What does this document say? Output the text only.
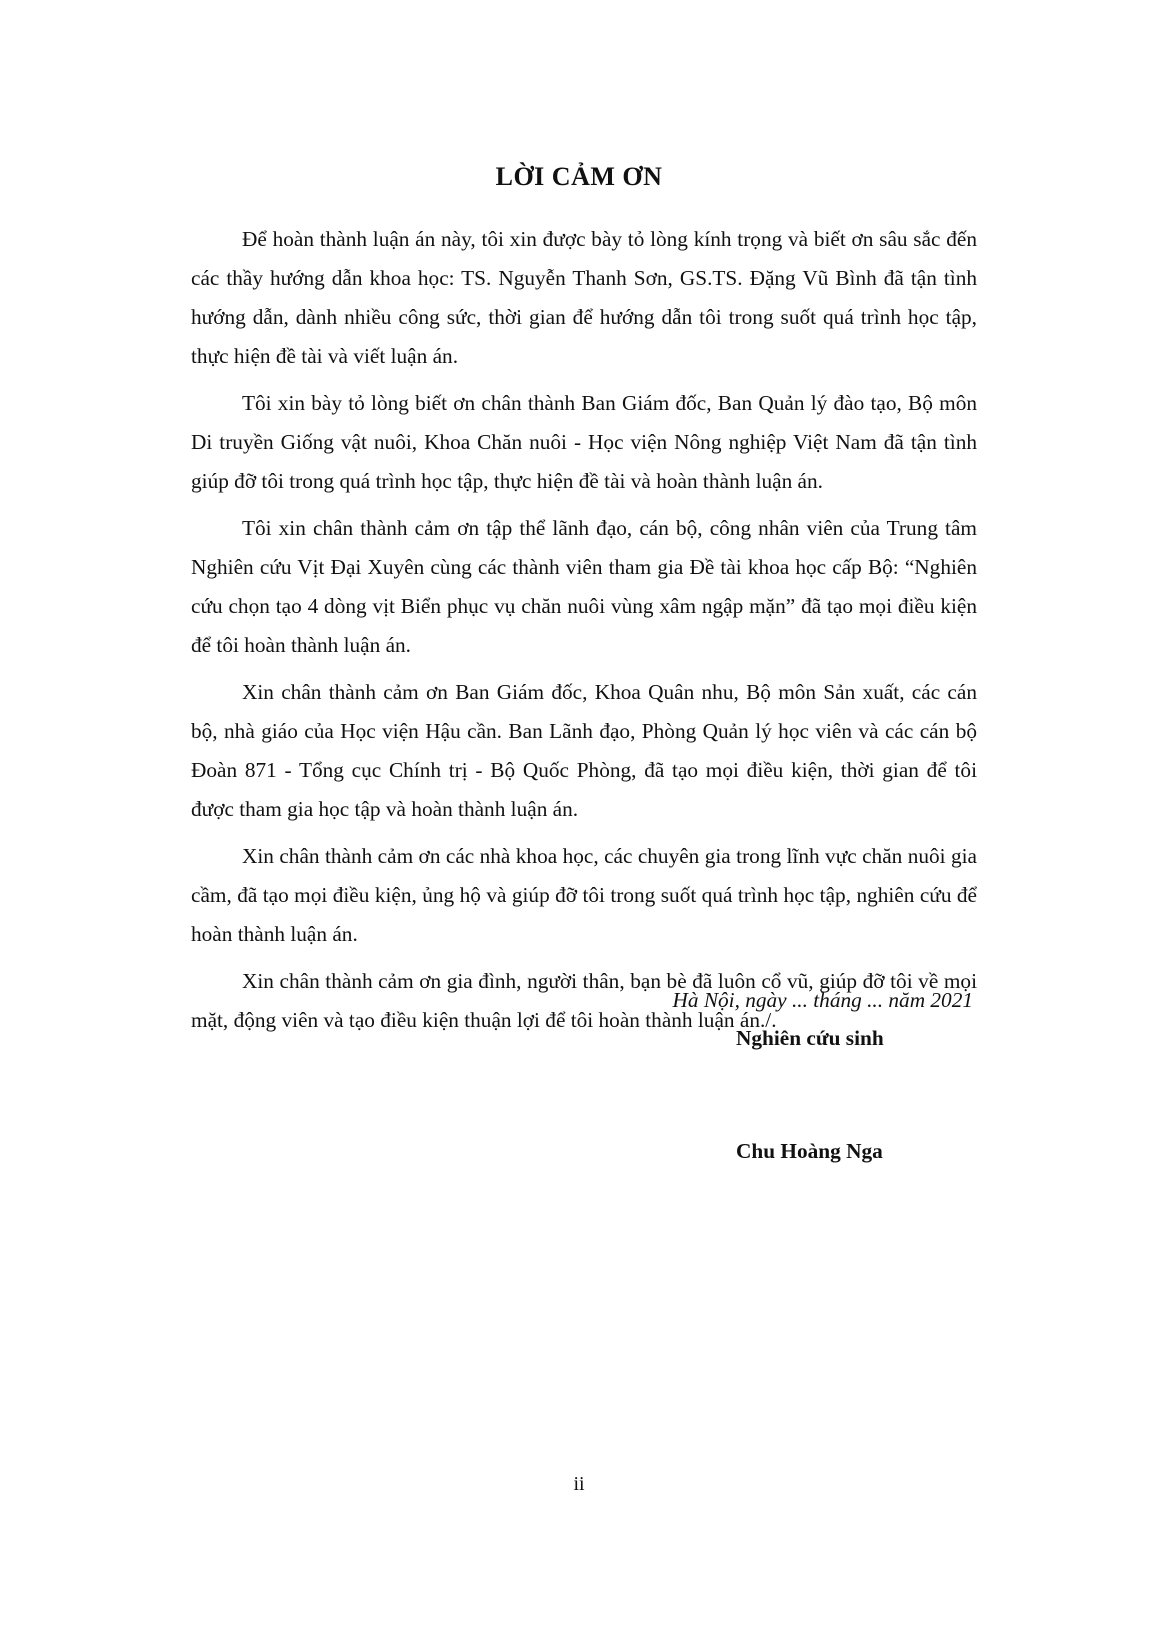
LỜI CẢM ƠN

Để hoàn thành luận án này, tôi xin được bày tỏ lòng kính trọng và biết ơn sâu sắc đến các thầy hướng dẫn khoa học: TS. Nguyễn Thanh Sơn, GS.TS. Đặng Vũ Bình đã tận tình hướng dẫn, dành nhiều công sức, thời gian để hướng dẫn tôi trong suốt quá trình học tập, thực hiện đề tài và viết luận án.

Tôi xin bày tỏ lòng biết ơn chân thành Ban Giám đốc, Ban Quản lý đào tạo, Bộ môn Di truyền Giống vật nuôi, Khoa Chăn nuôi - Học viện Nông nghiệp Việt Nam đã tận tình giúp đỡ tôi trong quá trình học tập, thực hiện đề tài và hoàn thành luận án.

Tôi xin chân thành cảm ơn tập thể lãnh đạo, cán bộ, công nhân viên của Trung tâm Nghiên cứu Vịt Đại Xuyên cùng các thành viên tham gia Đề tài khoa học cấp Bộ: “Nghiên cứu chọn tạo 4 dòng vịt Biển phục vụ chăn nuôi vùng xâm ngập mặn” đã tạo mọi điều kiện để tôi hoàn thành luận án.

Xin chân thành cảm ơn Ban Giám đốc, Khoa Quân nhu, Bộ môn Sản xuất, các cán bộ, nhà giáo của Học viện Hậu cần. Ban Lãnh đạo, Phòng Quản lý học viên và các cán bộ Đoàn 871 - Tổng cục Chính trị - Bộ Quốc Phòng, đã tạo mọi điều kiện, thời gian để tôi được tham gia học tập và hoàn thành luận án.

Xin chân thành cảm ơn các nhà khoa học, các chuyên gia trong lĩnh vực chăn nuôi gia cầm, đã tạo mọi điều kiện, ủng hộ và giúp đỡ tôi trong suốt quá trình học tập, nghiên cứu để hoàn thành luận án.

Xin chân thành cảm ơn gia đình, người thân, bạn bè đã luôn cổ vũ, giúp đỡ tôi về mọi mặt, động viên và tạo điều kiện thuận lợi để tôi hoàn thành luận án./.

Hà Nội, ngày ... tháng ... năm 2021

Nghiên cứu sinh

Chu Hoàng Nga

ii
